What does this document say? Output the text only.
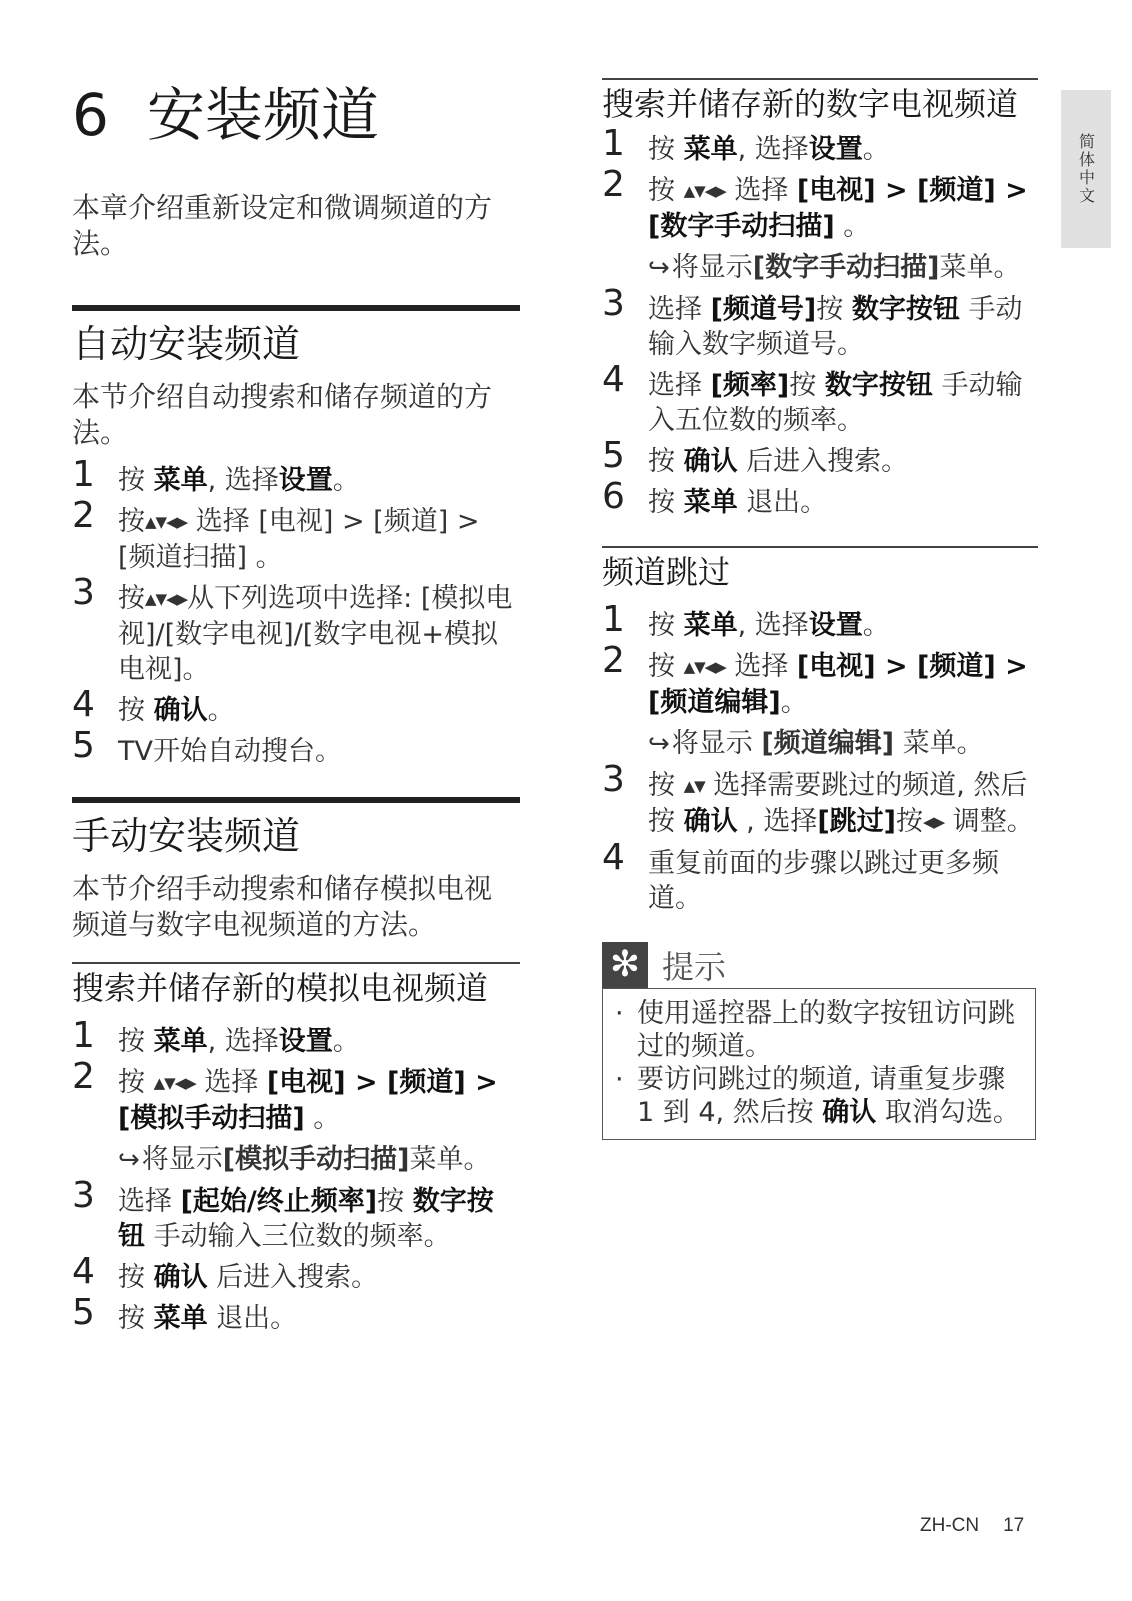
6 安装频道

本章介绍重新设定和微调频道的方法。

自动安装频道

本节介绍自动搜索和储存频道的方法。

1 按 菜单, 选择设置。
2 按▲▼◀▶ 选择 [电视] > [频道] > [频道扫描] 。
3 按▲▼◀▶从下列选项中选择: [模拟电视]/[数字电视]/[数字电视+模拟电视]。
4 按 确认。
5 TV开始自动搜台。
手动安装频道

本节介绍手动搜索和储存模拟电视频道与数字电视频道的方法。

搜索并储存新的模拟电视频道
1 按 菜单, 选择设置。
2 按 ▲▼◀▶ 选择 [电视] > [频道] > [模拟手动扫描] 。
↪将显示[模拟手动扫描]菜单。
3 选择 [起始/终止频率]按 数字按钮 手动输入三位数的频率。
4 按 确认 后进入搜索。
5 按 菜单 退出。
搜索并储存新的数字电视频道
1 按 菜单, 选择设置。
2 按 ▲▼◀▶ 选择 [电视] > [频道] > [数字手动扫描] 。
↪将显示[数字手动扫描]菜单。
3 选择 [频道号]按 数字按钮 手动输入数字频道号。
4 选择 [频率]按 数字按钮 手动输入五位数的频率。
5 按 确认 后进入搜索。
6 按 菜单 退出。
频道跳过
1 按 菜单, 选择设置。
2 按 ▲▼◀▶ 选择 [电视] > [频道] > [频道编辑]。
↪将显示 [频道编辑] 菜单。
3 按 ▲▼ 选择需要跳过的频道, 然后按 确认 , 选择[跳过]按◀▶ 调整。
4 重复前面的步骤以跳过更多频道。
✻ 提示
· 使用遥控器上的数字按钮访问跳过的频道。
· 要访问跳过的频道, 请重复步骤 1 到 4, 然后按 确认 取消勾选。
简体中文
ZH-CN 17
